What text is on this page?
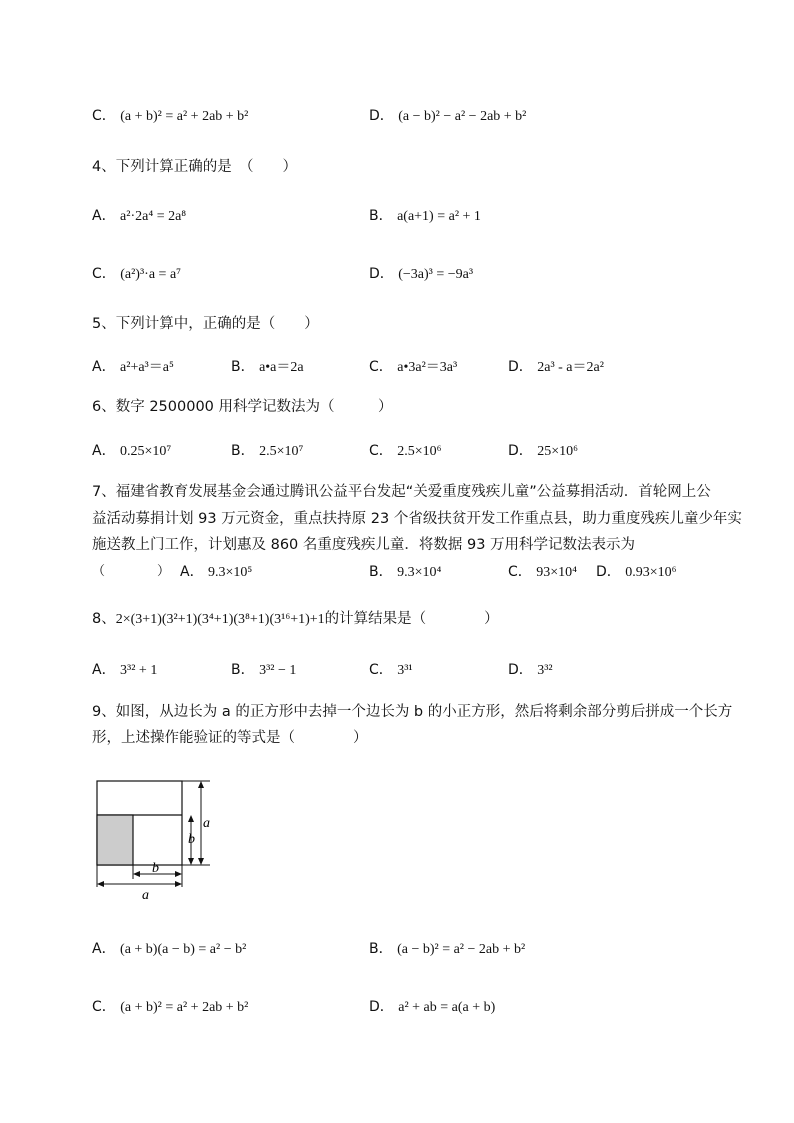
C． (a + b)² = a² + 2ab + b²	D． (a − b)² − a² − 2ab + b²
4、下列计算正确的是　（　　）
A． a²·2a⁴ = 2a⁸	B． a(a+1) = a² + 1
C． (a²)³·a = a⁷	D． (−3a)³ = −9a³
5、下列计算中，正确的是（　　）
A． a²+a³＝a⁵	B． a•a＝2a	C． a•3a²＝3a³	D． 2a³ - a＝2a²
6、数字 2500000 用科学记数法为（　　　）
A． 0.25×10⁷	B． 2.5×10⁷	C． 2.5×10⁶	D． 25×10⁶
7、福建省教育发展基金会通过腾讯公益平台发起“关爱重度残疾儿童”公益募捐活动．首轮网上公
益活动募捐计划 93 万元资金，重点扶持原 23 个省级扶贫开发工作重点县，助力重度残疾儿童少年实
施送教上门工作，计划惠及 860 名重度残疾儿童．将数据 93 万用科学记数法表示为
（　　　　） A． 9.3×10⁵	B． 9.3×10⁴	C． 93×10⁴ D． 0.93×10⁶
8、2×(3+1)(3²+1)(3⁴+1)(3⁸+1)(3¹⁶+1)+1的计算结果是（　　　　）
A． 3³² + 1	B． 3³² − 1	C． 3³¹	D． 3³²
9、如图，从边长为 a 的正方形中去掉一个边长为 b 的小正方形，然后将剩余部分剪后拼成一个长方
形，上述操作能验证的等式是（　　　　）
a
b
b
a
A． (a + b)(a − b) = a² − b²	B． (a − b)² = a² − 2ab + b²
C． (a + b)² = a² + 2ab + b²	D． a² + ab = a(a + b)
